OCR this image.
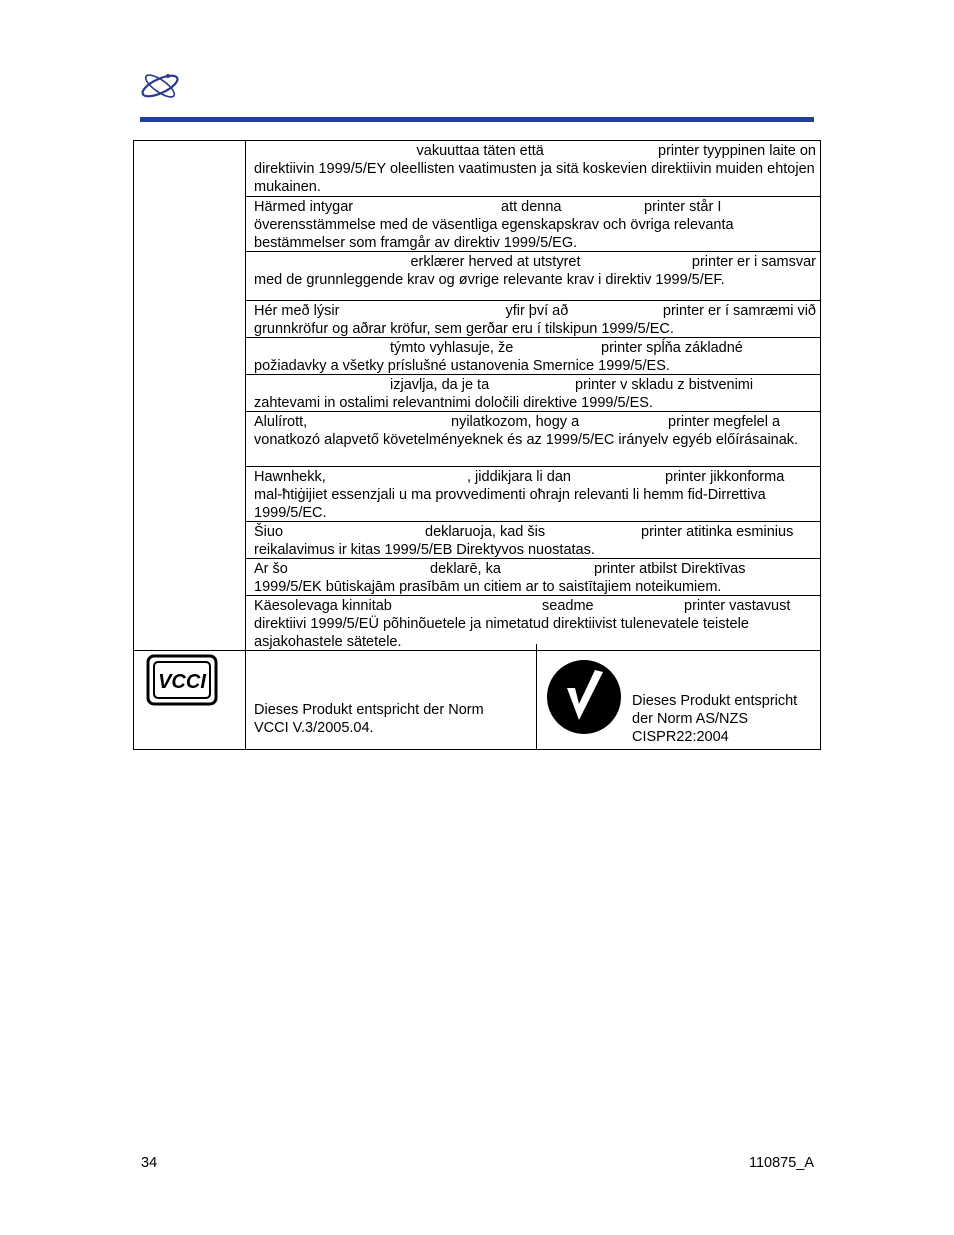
vakuuttaa täten että	printer tyyppinen laite on
direktiivin 1999/5/EY oleellisten vaatimusten ja sitä koskevien direktiivin muiden ehtojen mukainen.

Härmed intygar	att denna	printer står I
överensstämmelse med de väsentliga egenskapskrav och övriga relevanta bestämmelser som framgår av direktiv 1999/5/EG.

erklærer herved at utstyret	printer er i samsvar
med de grunnleggende krav og øvrige relevante krav i direktiv 1999/5/EF.

Hér með lýsir	yfir því að	printer er í samræmi við
grunnkröfur og aðrar kröfur, sem gerðar eru í tilskipun 1999/5/EC.

týmto vyhlasuje, že	printer spĺňa základné
požiadavky a všetky príslušné ustanovenia Smernice 1999/5/ES.

izjavlja, da je ta	printer v skladu z bistvenimi
zahtevami in ostalimi relevantnimi določili direktive 1999/5/ES.

Alulírott,	nyilatkozom, hogy a	printer megfelel a
vonatkozó alapvető követelményeknek és az 1999/5/EC irányelv egyéb előírásainak.

Hawnhekk,	, jiddikjara li dan	printer jikkonforma
mal-ħtiġijiet essenzjali u ma provvedimenti oħrajn relevanti li hemm fid-Dirrettiva 1999/5/EC.

Šiuo	deklaruoja, kad šis	printer atitinka esminius
reikalavimus ir kitas 1999/5/EB Direktyvos nuostatas.

Ar šo	deklarē, ka	printer atbilst Direktīvas
1999/5/EK būtiskajām prasībām un citiem ar to saistītajiem noteikumiem.

Käesolevaga kinnitab	seadme	printer vastavust
direktiivi 1999/5/EÜ põhinõuetele ja nimetatud direktiivist tulenevatele teistele asjakohastele sätetele.
VCCI

Dieses Produkt entspricht der Norm
VCCI V.3/2005.04.

Dieses Produkt entspricht
der Norm AS/NZS
CISPR22:2004
34	110875_A
